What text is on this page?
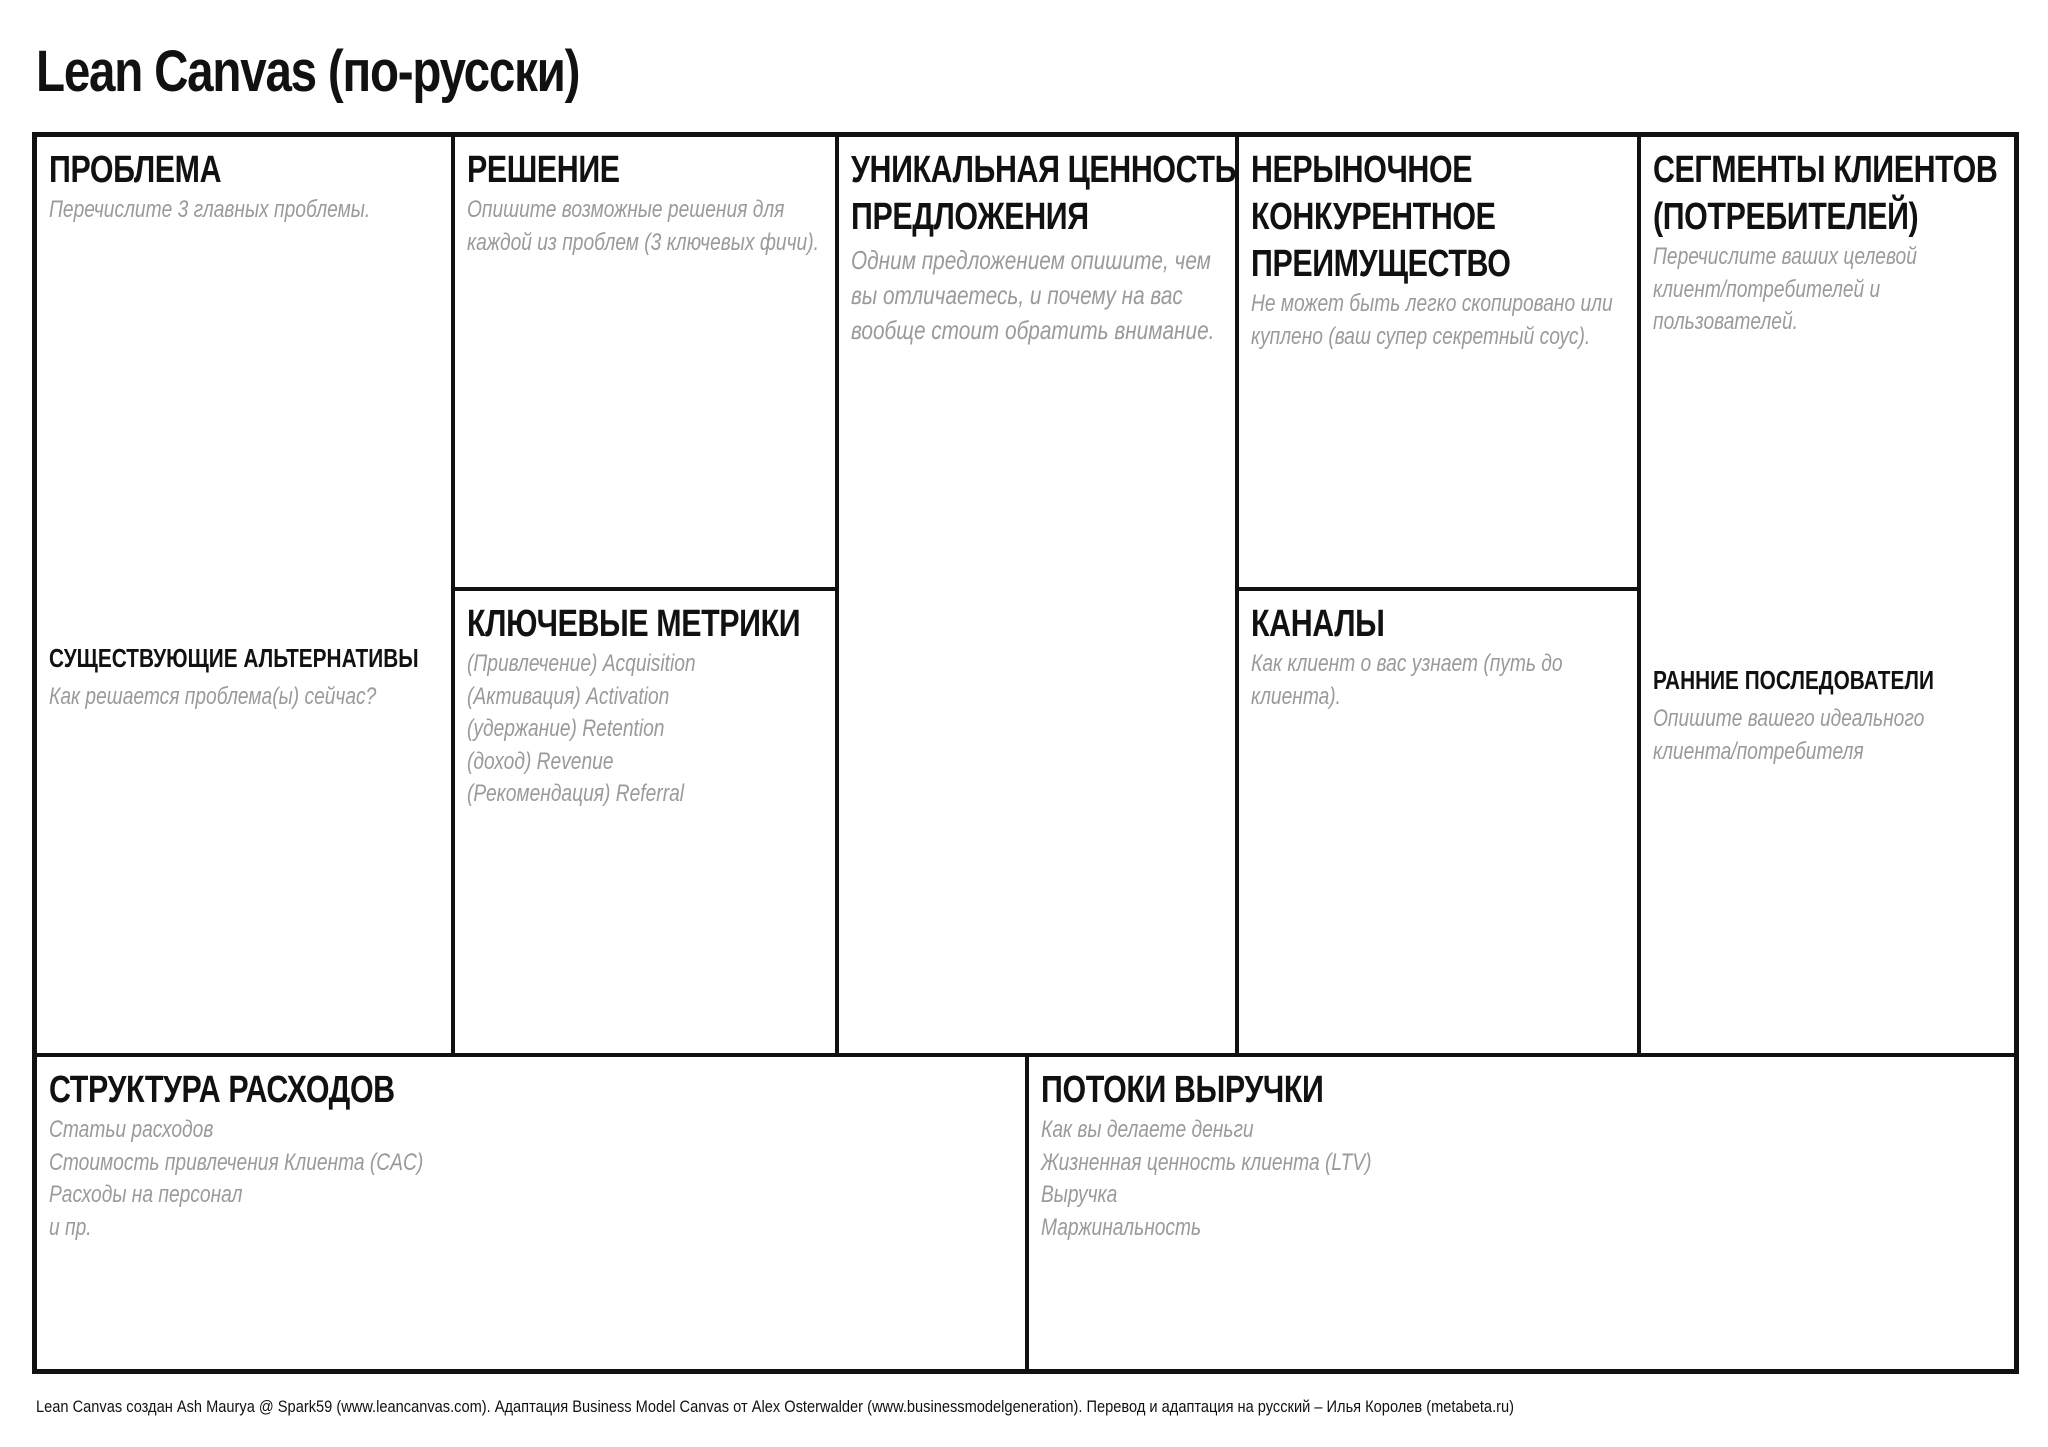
Lean Canvas (по-русски)
ПРОБЛЕМА
Перечислите 3 главных проблемы.
СУЩЕСТВУЮЩИЕ АЛЬТЕРНАТИВЫ
Как решается проблема(ы) сейчас?
РЕШЕНИЕ
Опишите возможные решения для
каждой из проблем (3 ключевых фичи).
КЛЮЧЕВЫЕ МЕТРИКИ
(Привлечение) Acquisition
(Активация) Activation
(удержание) Retention
(доход) Revenue
(Рекомендация) Referral
УНИКАЛЬНАЯ ЦЕННОСТЬ
ПРЕДЛОЖЕНИЯ
Одним предложением опишите, чем
вы отличаетесь, и почему на вас
вообще стоит обратить внимание.
НЕРЫНОЧНОЕ
КОНКУРЕНТНОЕ
ПРЕИМУЩЕСТВО
Не может быть легко скопировано или
куплено (ваш супер секретный соус).
КАНАЛЫ
Как клиент о вас узнает (путь до
клиента).
СЕГМЕНТЫ КЛИЕНТОВ
(ПОТРЕБИТЕЛЕЙ)
Перечислите ваших целевой
клиент/потребителей и
пользователей.
РАННИЕ ПОСЛЕДОВАТЕЛИ
Опишите вашего идеального
клиента/потребителя
СТРУКТУРА РАСХОДОВ
Статьи расходов
Стоимость привлечения Клиента (CAC)
Расходы на персонал
и пр.
ПОТОКИ ВЫРУЧКИ
Как вы делаете деньги
Жизненная ценность клиента (LTV)
Выручка
Маржинальность
Lean Canvas создан Ash Maurya @ Spark59 (www.leancanvas.com). Адаптация Business Model Canvas от Alex Osterwalder (www.businessmodelgeneration). Перевод и адаптация на русский – Илья Королев (metabeta.ru)
